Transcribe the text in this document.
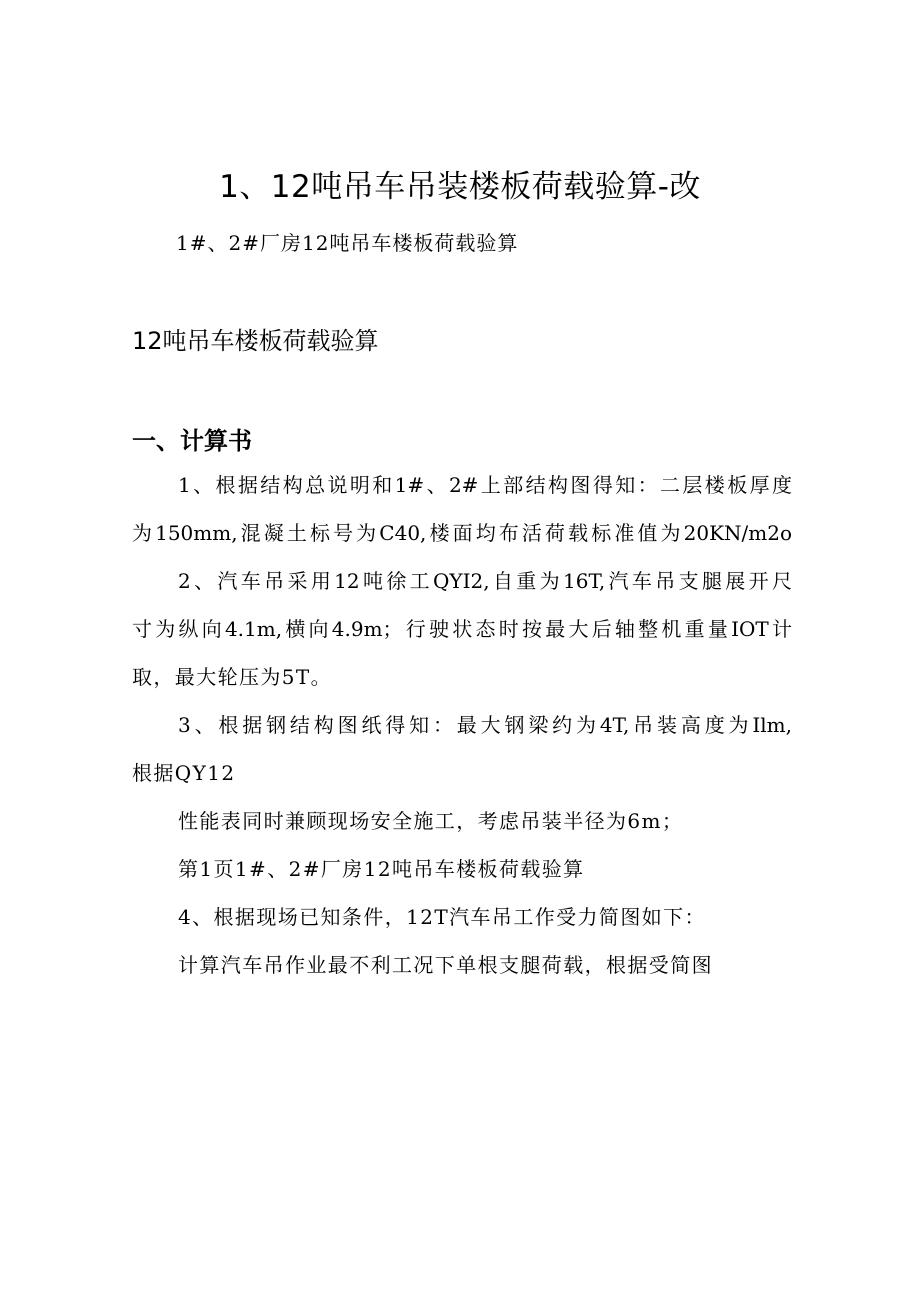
1、12吨吊车吊装楼板荷载验算-改
1#、2#厂房12吨吊车楼板荷载验算
12吨吊车楼板荷载验算
一、计算书
1、根据结构总说明和1#、2#上部结构图得知：二层楼板厚度
为150mm,混凝土标号为C40,楼面均布活荷载标准值为20KN∕m2o
2、汽车吊采用12吨徐工QYI2,自重为16T,汽车吊支腿展开尺
寸为纵向4.1m,横向4.9m；行驶状态时按最大后轴整机重量IOT计
取，最大轮压为5T。
3、根据钢结构图纸得知：最大钢梁约为4T,吊装高度为Ilm,
根据QY12
性能表同时兼顾现场安全施工，考虑吊装半径为6m；
第1页1#、2#厂房12吨吊车楼板荷载验算
4、根据现场已知条件，12T汽车吊工作受力简图如下：
计算汽车吊作业最不利工况下单根支腿荷载，根据受简图
